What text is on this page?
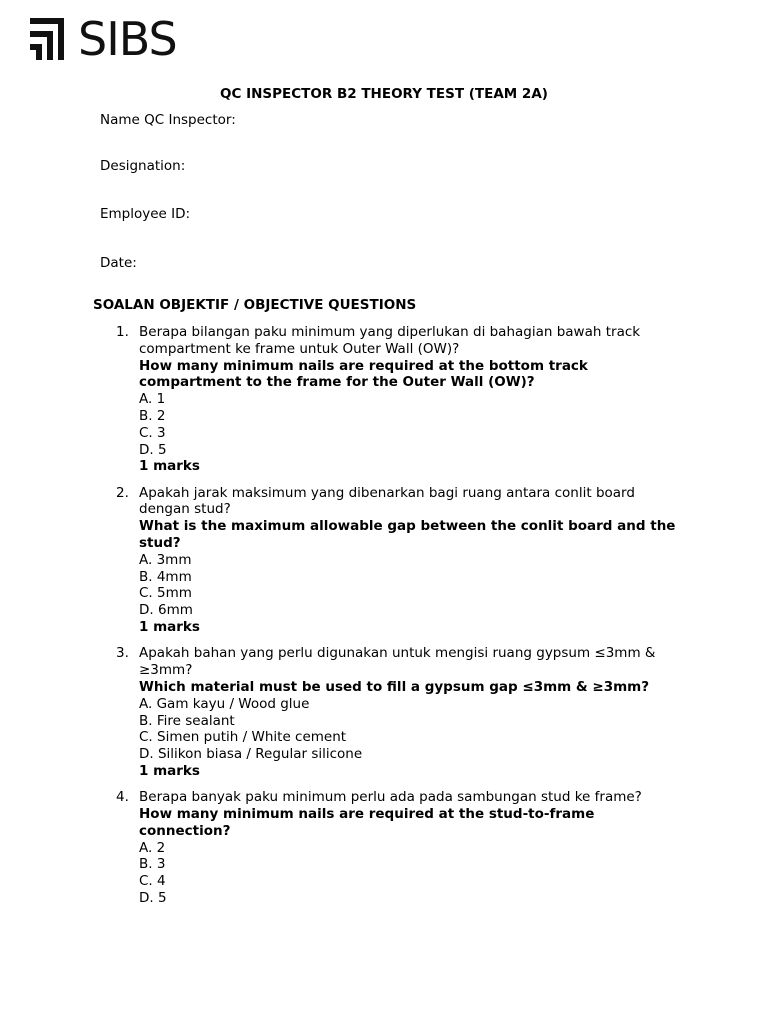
SIBS
QC INSPECTOR B2 THEORY TEST (TEAM 2A)
Name QC Inspector:
Designation:
Employee ID:
Date:
SOALAN OBJEKTIF / OBJECTIVE QUESTIONS
1. Berapa bilangan paku minimum yang diperlukan di bahagian bawah track compartment ke frame untuk Outer Wall (OW)?
How many minimum nails are required at the bottom track compartment to the frame for the Outer Wall (OW)?
A. 1
B. 2
C. 3
D. 5
1 marks
2. Apakah jarak maksimum yang dibenarkan bagi ruang antara conlit board dengan stud?
What is the maximum allowable gap between the conlit board and the stud?
A. 3mm
B. 4mm
C. 5mm
D. 6mm
1 marks
3. Apakah bahan yang perlu digunakan untuk mengisi ruang gypsum ≤3mm & ≥3mm?
Which material must be used to fill a gypsum gap ≤3mm & ≥3mm?
A. Gam kayu / Wood glue
B. Fire sealant
C. Simen putih / White cement
D. Silikon biasa / Regular silicone
1 marks
4. Berapa banyak paku minimum perlu ada pada sambungan stud ke frame?
How many minimum nails are required at the stud-to-frame connection?
A. 2
B. 3
C. 4
D. 5
